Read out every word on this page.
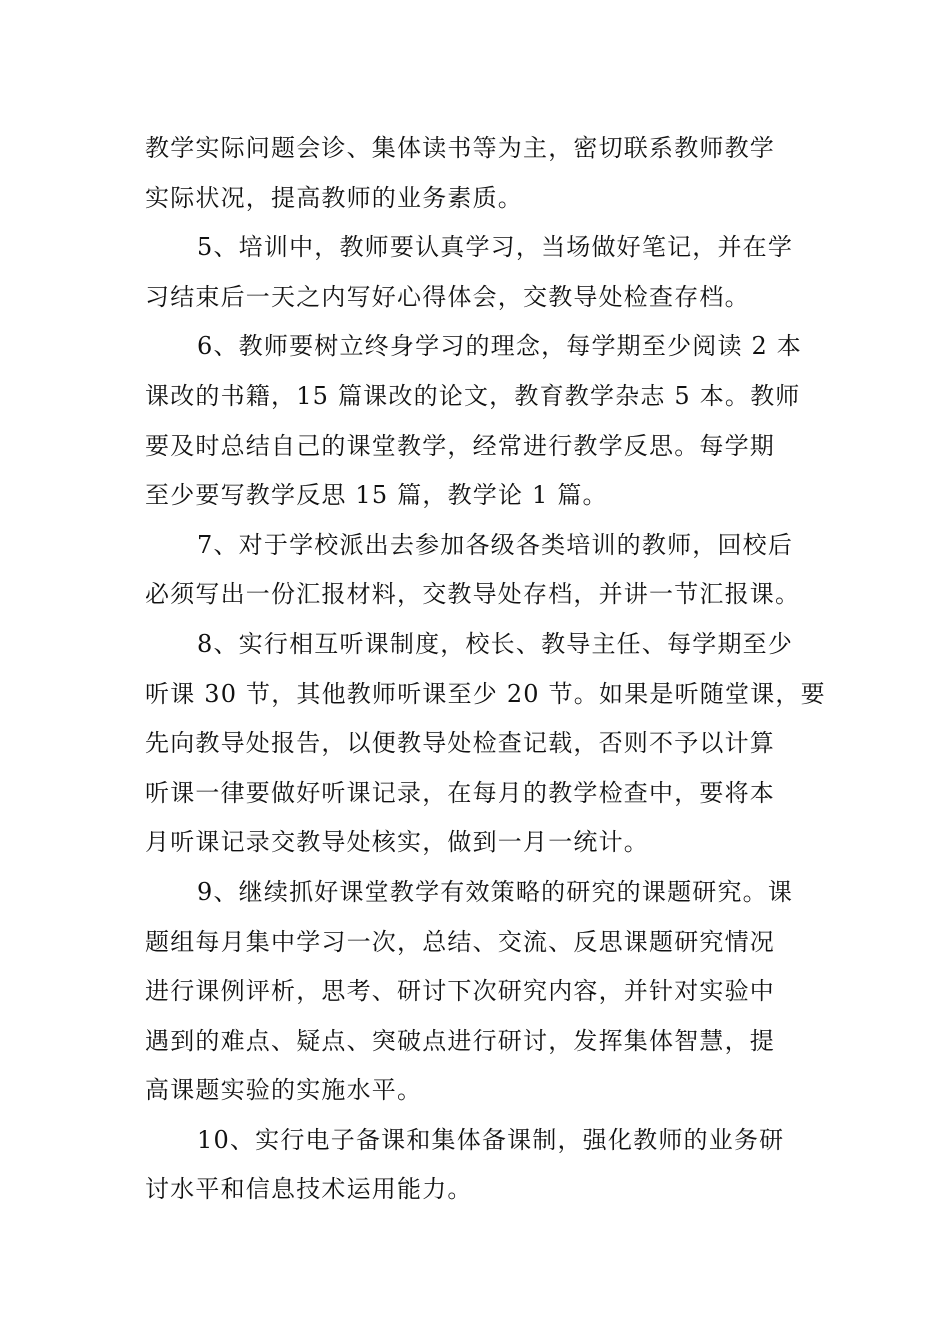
教学实际问题会诊、集体读书等为主，密切联系教师教学
实际状况，提高教师的业务素质。
5、培训中，教师要认真学习，当场做好笔记，并在学
习结束后一天之内写好心得体会，交教导处检查存档。
6、教师要树立终身学习的理念，每学期至少阅读 2 本
课改的书籍，15 篇课改的论文，教育教学杂志 5 本。教师
要及时总结自己的课堂教学，经常进行教学反思。每学期
至少要写教学反思 15 篇，教学论 1 篇。
7、对于学校派出去参加各级各类培训的教师，回校后
必须写出一份汇报材料，交教导处存档，并讲一节汇报课。
8、实行相互听课制度，校长、教导主任、每学期至少
听课 30 节，其他教师听课至少 20 节。如果是听随堂课，要
先向教导处报告，以便教导处检查记载，否则不予以计算
听课一律要做好听课记录，在每月的教学检查中，要将本
月听课记录交教导处核实，做到一月一统计。
9、继续抓好课堂教学有效策略的研究的课题研究。课
题组每月集中学习一次，总结、交流、反思课题研究情况
进行课例评析，思考、研讨下次研究内容，并针对实验中
遇到的难点、疑点、突破点进行研讨，发挥集体智慧，提
高课题实验的实施水平。
10、实行电子备课和集体备课制，强化教师的业务研
讨水平和信息技术运用能力。
